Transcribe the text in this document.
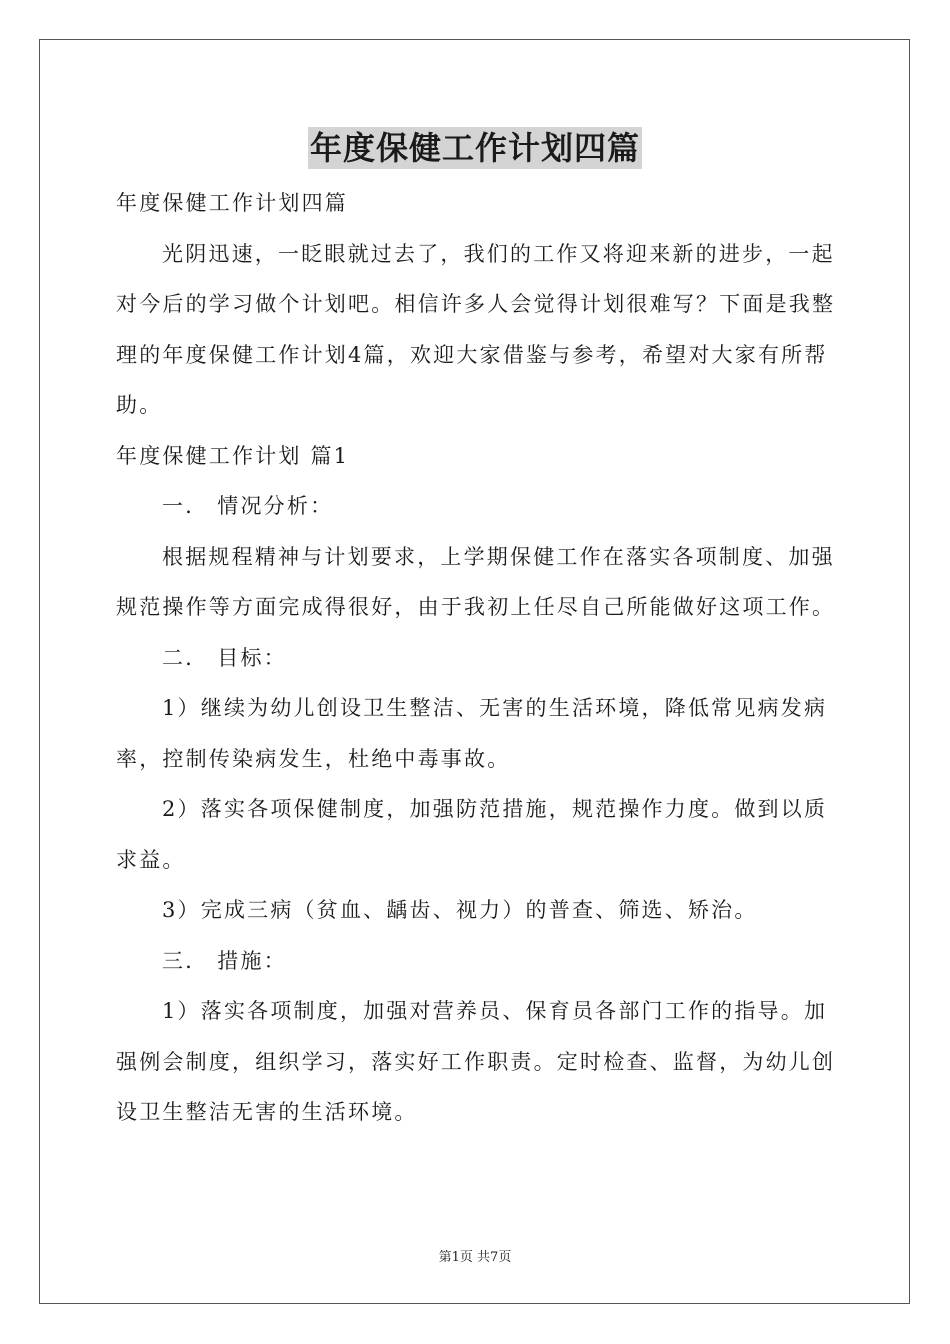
年度保健工作计划四篇

年度保健工作计划四篇

光阴迅速，一眨眼就过去了，我们的工作又将迎来新的进步，一起对今后的学习做个计划吧。相信许多人会觉得计划很难写？下面是我整理的年度保健工作计划4篇，欢迎大家借鉴与参考，希望对大家有所帮助。

年度保健工作计划 篇1

一． 情况分析：

根据规程精神与计划要求，上学期保健工作在落实各项制度、加强规范操作等方面完成得很好，由于我初上任尽自己所能做好这项工作。

二． 目标：

1）继续为幼儿创设卫生整洁、无害的生活环境，降低常见病发病率，控制传染病发生，杜绝中毒事故。

2）落实各项保健制度，加强防范措施，规范操作力度。做到以质求益。

3）完成三病（贫血、龋齿、视力）的普查、筛选、矫治。

三． 措施：

1）落实各项制度，加强对营养员、保育员各部门工作的指导。加强例会制度，组织学习，落实好工作职责。定时检查、监督，为幼儿创设卫生整洁无害的生活环境。

第1页 共7页
